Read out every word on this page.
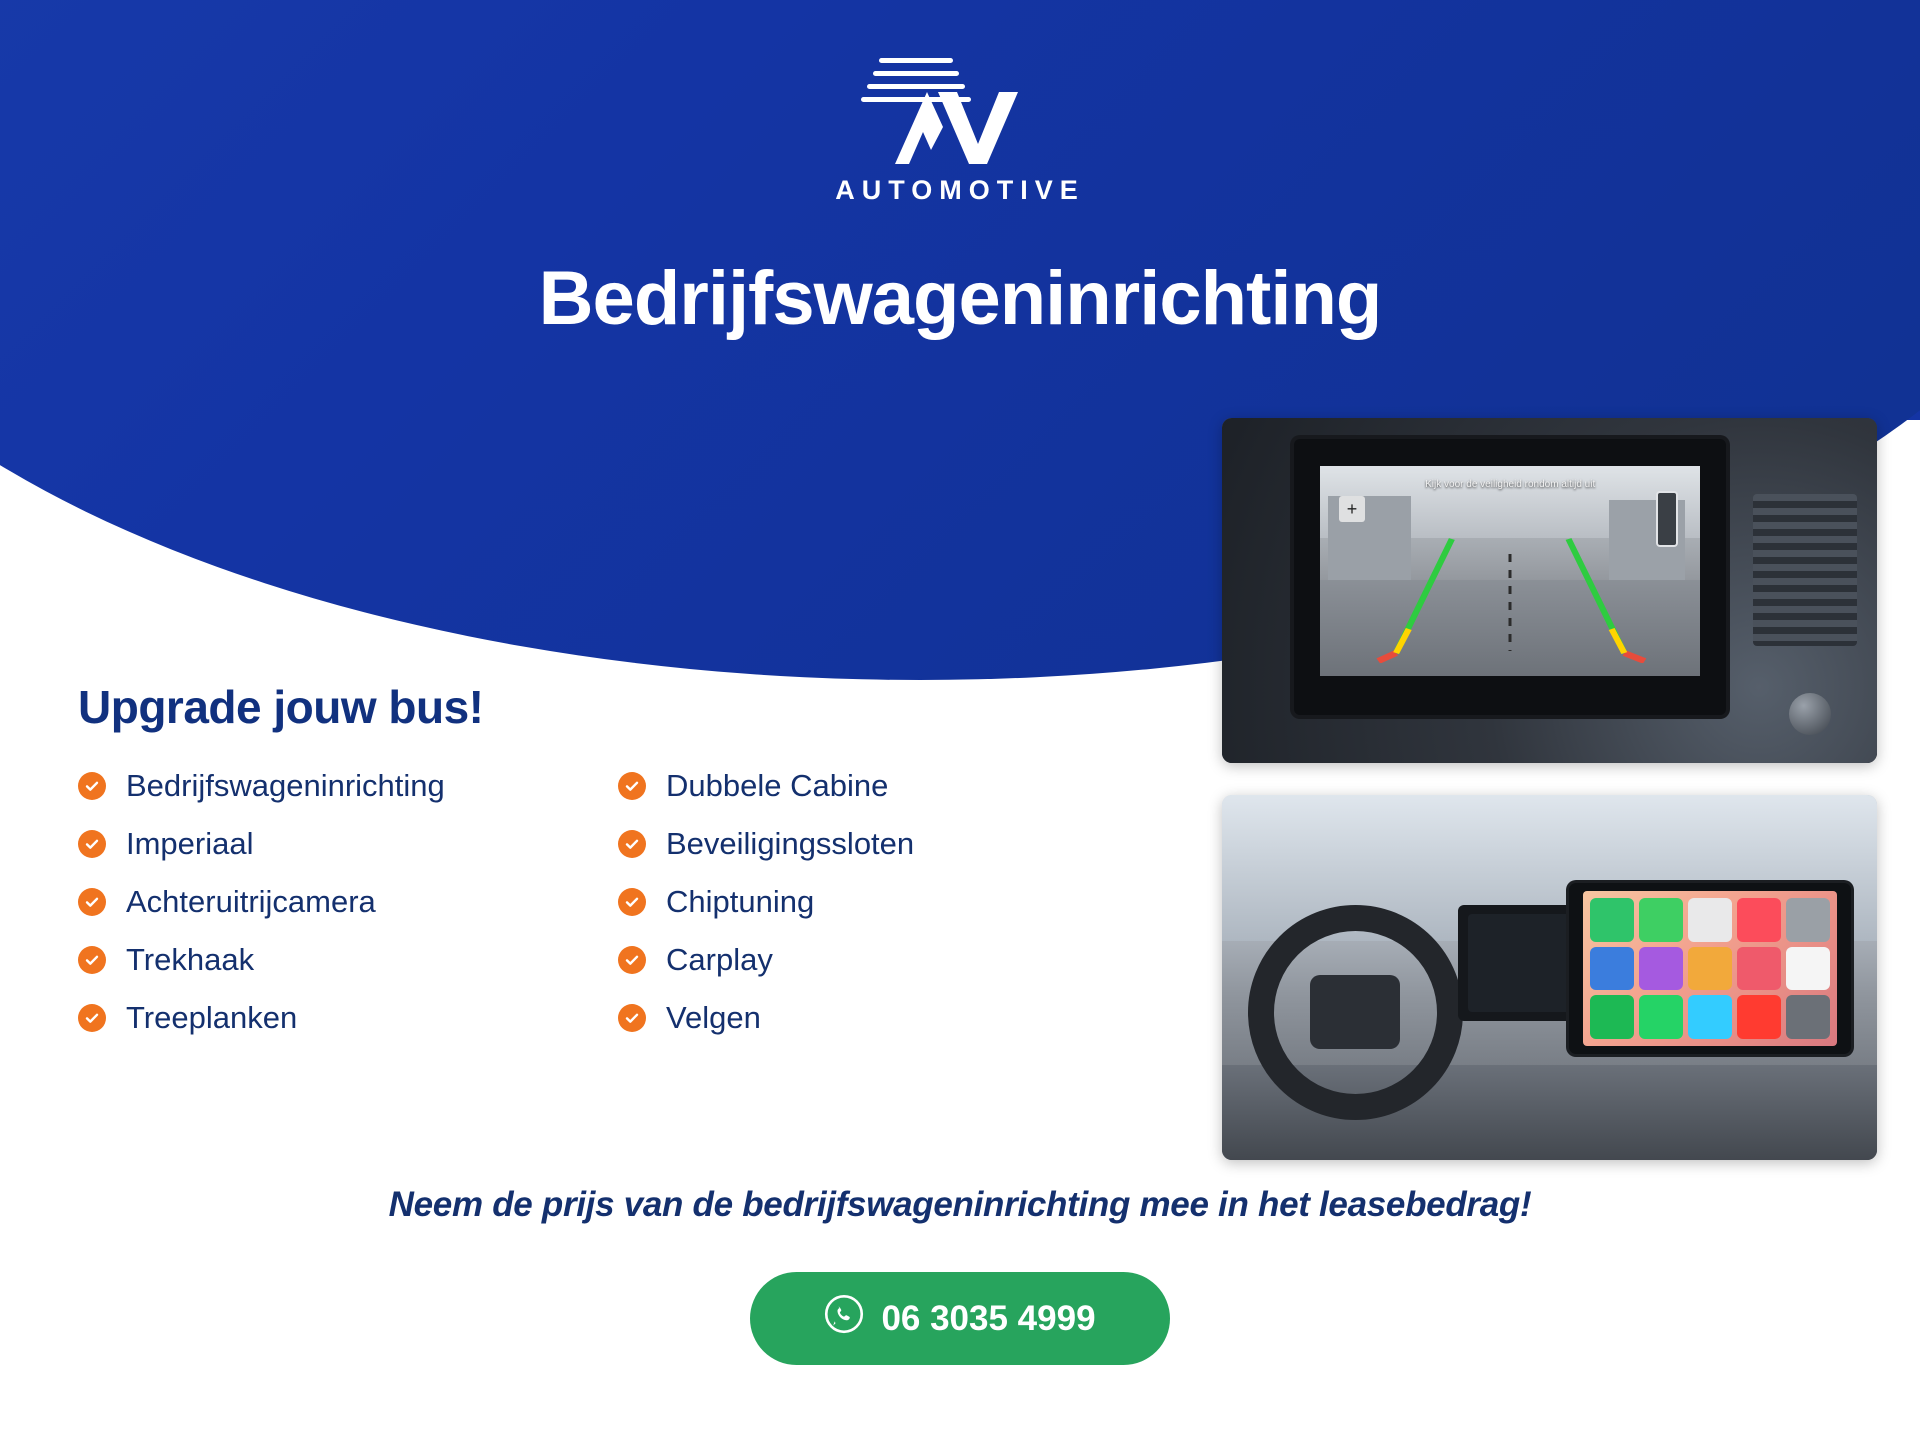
AUTOMOTIVE
Bedrijfswageninrichting
Upgrade jouw bus!
Bedrijfswageninrichting
Imperiaal
Achteruitrijcamera
Trekhaak
Treeplanken
Dubbele Cabine
Beveiligingssloten
Chiptuning
Carplay
Velgen
+
Kijk voor de veiligheid rondom altijd uit
Neem de prijs van de bedrijfswageninrichting mee in het leasebedrag!
06 3035 4999
